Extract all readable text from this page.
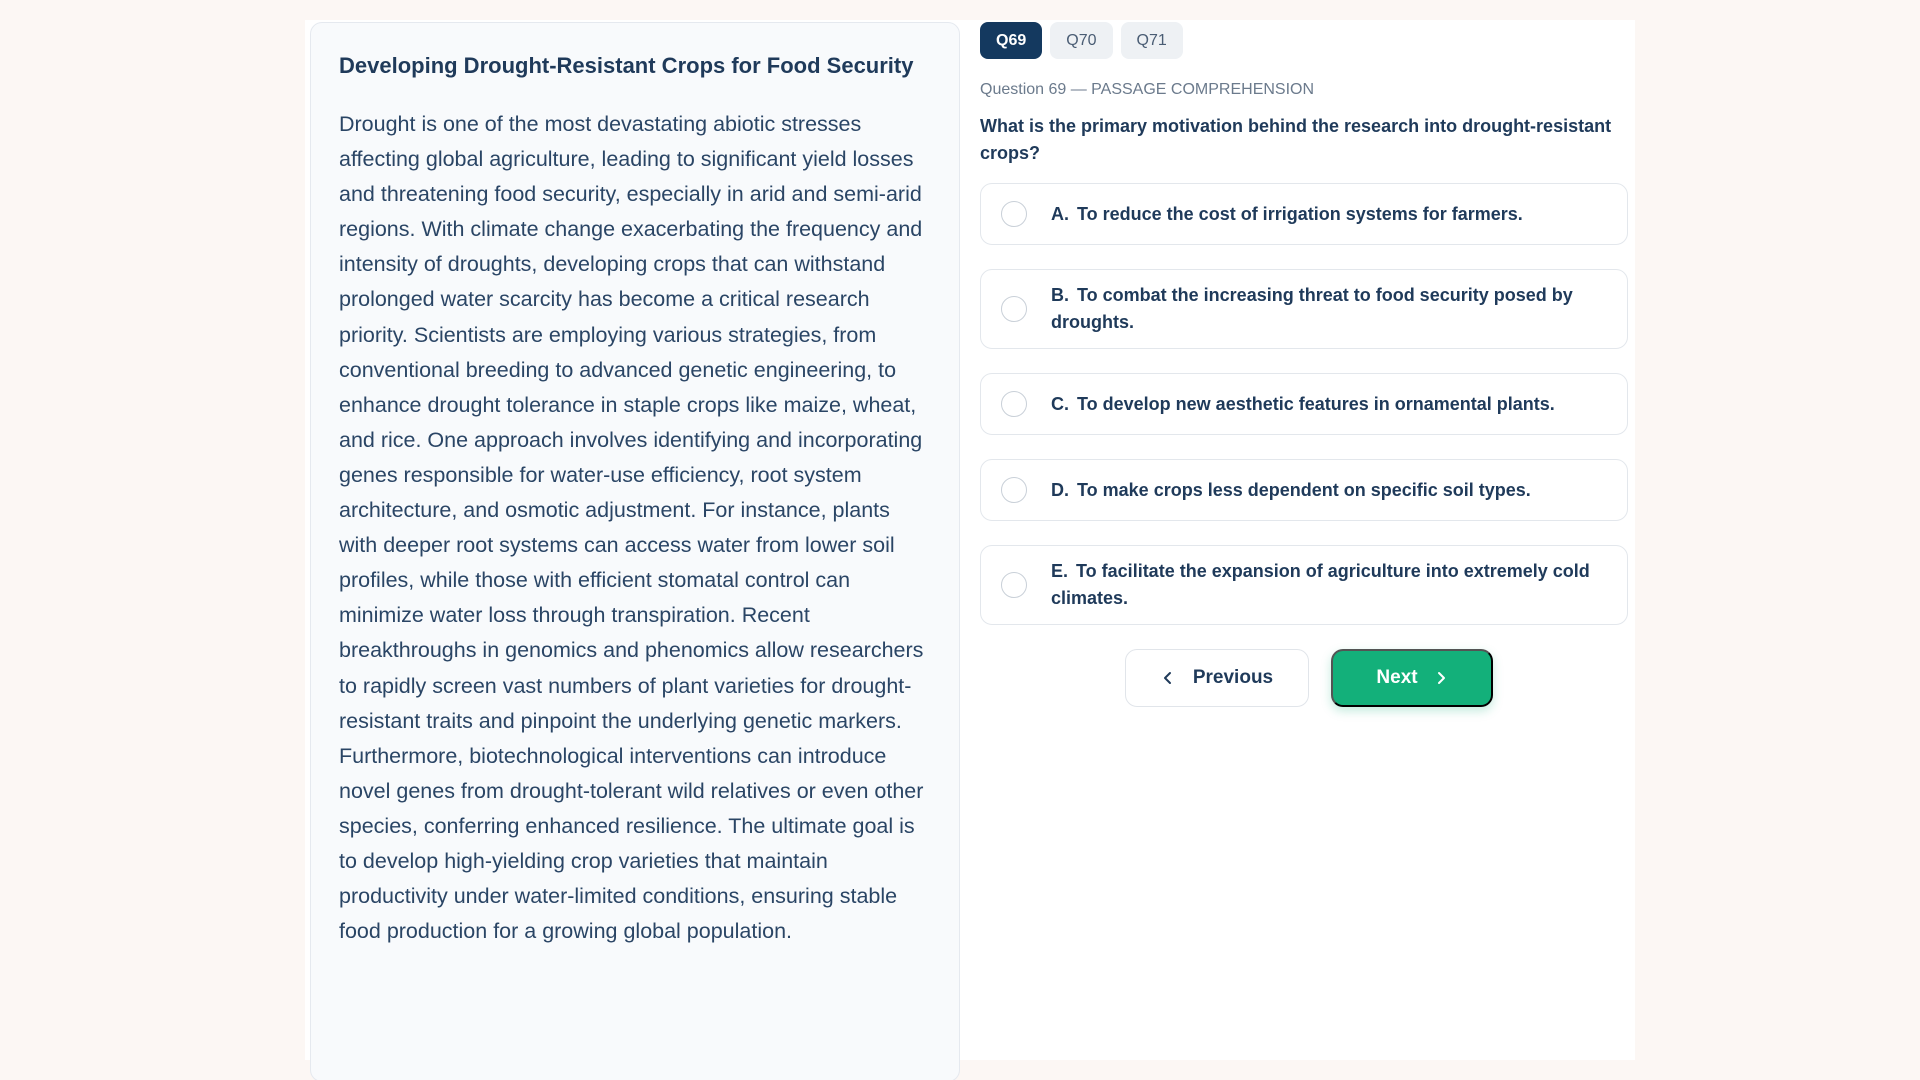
Developing Drought-Resistant Crops for Food Security

Drought is one of the most devastating abiotic stresses affecting global agriculture, leading to significant yield losses and threatening food security, especially in arid and semi-arid regions. With climate change exacerbating the frequency and intensity of droughts, developing crops that can withstand prolonged water scarcity has become a critical research priority. Scientists are employing various strategies, from conventional breeding to advanced genetic engineering, to enhance drought tolerance in staple crops like maize, wheat, and rice. One approach involves identifying and incorporating genes responsible for water-use efficiency, root system architecture, and osmotic adjustment. For instance, plants with deeper root systems can access water from lower soil profiles, while those with efficient stomatal control can minimize water loss through transpiration. Recent breakthroughs in genomics and phenomics allow researchers to rapidly screen vast numbers of plant varieties for drought-resistant traits and pinpoint the underlying genetic markers. Furthermore, biotechnological interventions can introduce novel genes from drought-tolerant wild relatives or even other species, conferring enhanced resilience. The ultimate goal is to develop high-yielding crop varieties that maintain productivity under water-limited conditions, ensuring stable food production for a growing global population.

Q69	Q70	Q71
Question 69 — PASSAGE COMPREHENSION
What is the primary motivation behind the research into drought-resistant crops?
A. To reduce the cost of irrigation systems for farmers.
B. To combat the increasing threat to food security posed by droughts.
C. To develop new aesthetic features in ornamental plants.
D. To make crops less dependent on specific soil types.
E. To facilitate the expansion of agriculture into extremely cold climates.
Previous	Next
